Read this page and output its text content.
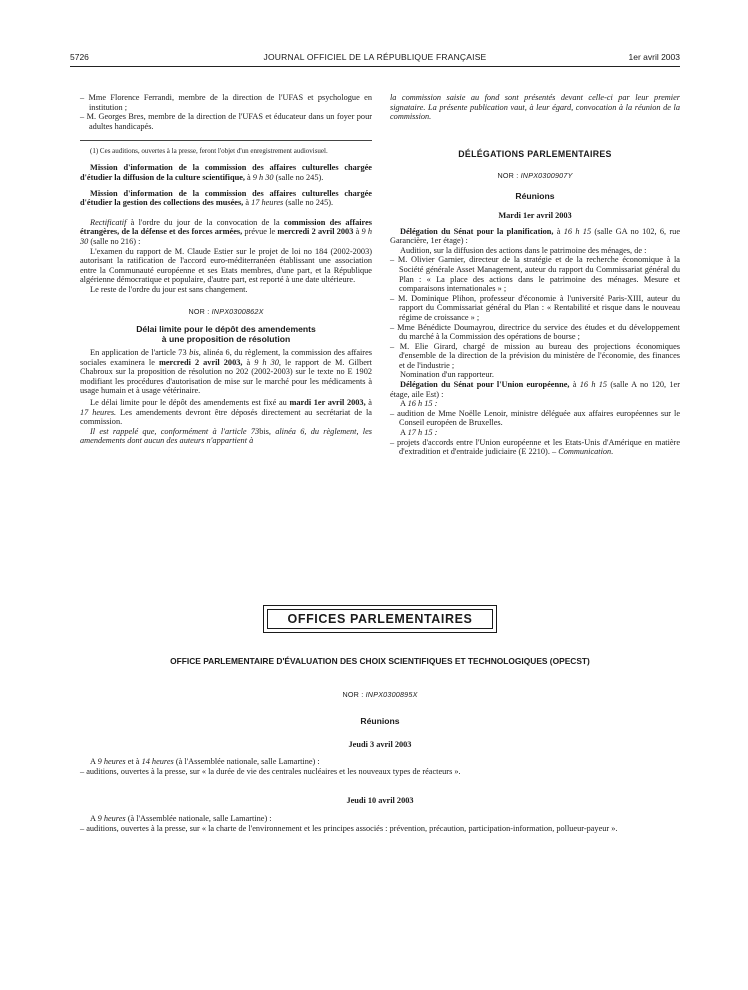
5726	JOURNAL OFFICIEL DE LA RÉPUBLIQUE FRANÇAISE	1er avril 2003

– Mme Florence Ferrandi, membre de la direction de l'UFAS et psychologue en institution ;

– M. Georges Bres, membre de la direction de l'UFAS et éducateur dans un foyer pour adultes handicapés.

(1) Ces auditions, ouvertes à la presse, feront l'objet d'un enregistrement audiovisuel.

Mission d'information de la commission des affaires culturelles chargée d'étudier la diffusion de la culture scientifique, à 9 h 30 (salle no 245).

Mission d'information de la commission des affaires culturelles chargée d'étudier la gestion des collections des musées, à 17 heures (salle no 245).

Rectificatif à l'ordre du jour de la convocation de la commission des affaires étrangères, de la défense et des forces armées, prévue le mercredi 2 avril 2003 à 9 h 30 (salle no 216) :

L'examen du rapport de M. Claude Estier sur le projet de loi no 184 (2002-2003) autorisant la ratification de l'accord euro-méditerranéen établissant une association entre la Communauté européenne et ses Etats membres, d'une part, et la République algérienne démocratique et populaire, d'autre part, est reporté à une date ultérieure.

Le reste de l'ordre du jour est sans changement.

NOR : INPX0300862X

Délai limite pour le dépôt des amendements
à une proposition de résolution

En application de l'article 73 bis, alinéa 6, du règlement, la commission des affaires sociales examinera le mercredi 2 avril 2003, à 9 h 30, le rapport de M. Gilbert Chabroux sur la proposition de résolution no 202 (2002-2003) sur le texte no E 1902 modifiant les procédures d'autorisation de mise sur le marché pour les médicaments à usage humain et à usage vétérinaire.

Le délai limite pour le dépôt des amendements est fixé au mardi 1er avril 2003, à 17 heures. Les amendements devront être déposés directement au secrétariat de la commission.

Il est rappelé que, conformément à l'article 73bis, alinéa 6, du règlement, les amendements dont aucun des auteurs n'appartient à

la commission saisie au fond sont présentés devant celle-ci par leur premier signataire. La présente publication vaut, à leur égard, convocation à la réunion de la commission.

DÉLÉGATIONS PARLEMENTAIRES

NOR : INPX0300907Y

Réunions

Mardi 1er avril 2003

Délégation du Sénat pour la planification, à 16 h 15 (salle GA no 102, 6, rue Garancière, 1er étage) :

Audition, sur la diffusion des actions dans le patrimoine des ménages, de :

– M. Olivier Garnier, directeur de la stratégie et de la recherche économique à la Société générale Asset Management, auteur du rapport du Commissariat général du Plan : « La place des actions dans le patrimoine des ménages. Mesure et comparaisons internationales » ;

– M. Dominique Plihon, professeur d'économie à l'université Paris-XIII, auteur du rapport du Commissariat général du Plan : « Rentabilité et risque dans le nouveau régime de croissance » ;

– Mme Bénédicte Doumayrou, directrice du service des études et du développement du marché à la Commission des opérations de bourse ;

– M. Elie Girard, chargé de mission au bureau des projections économiques d'ensemble de la direction de la prévision du ministère de l'économie, des finances et de l'industrie ;

Nomination d'un rapporteur.

Délégation du Sénat pour l'Union européenne, à 16 h 15 (salle A no 120, 1er étage, aile Est) :

A 16 h 15 :

– audition de Mme Noëlle Lenoir, ministre déléguée aux affaires européennes sur le Conseil européen de Bruxelles.

A 17 h 15 :

– projets d'accords entre l'Union européenne et les Etats-Unis d'Amérique en matière d'extradition et d'entraide judiciaire (E 2210). – Communication.

OFFICES PARLEMENTAIRES

OFFICE PARLEMENTAIRE D'ÉVALUATION DES CHOIX SCIENTIFIQUES ET TECHNOLOGIQUES (OPECST)

NOR : INPX0300895X

Réunions

Jeudi 3 avril 2003

A 9 heures et à 14 heures (à l'Assemblée nationale, salle Lamartine) :

– auditions, ouvertes à la presse, sur « la durée de vie des centrales nucléaires et les nouveaux types de réacteurs ».

Jeudi 10 avril 2003

A 9 heures (à l'Assemblée nationale, salle Lamartine) :

– auditions, ouvertes à la presse, sur « la charte de l'environnement et les principes associés : prévention, précaution, participation-information, pollueur-payeur ».
